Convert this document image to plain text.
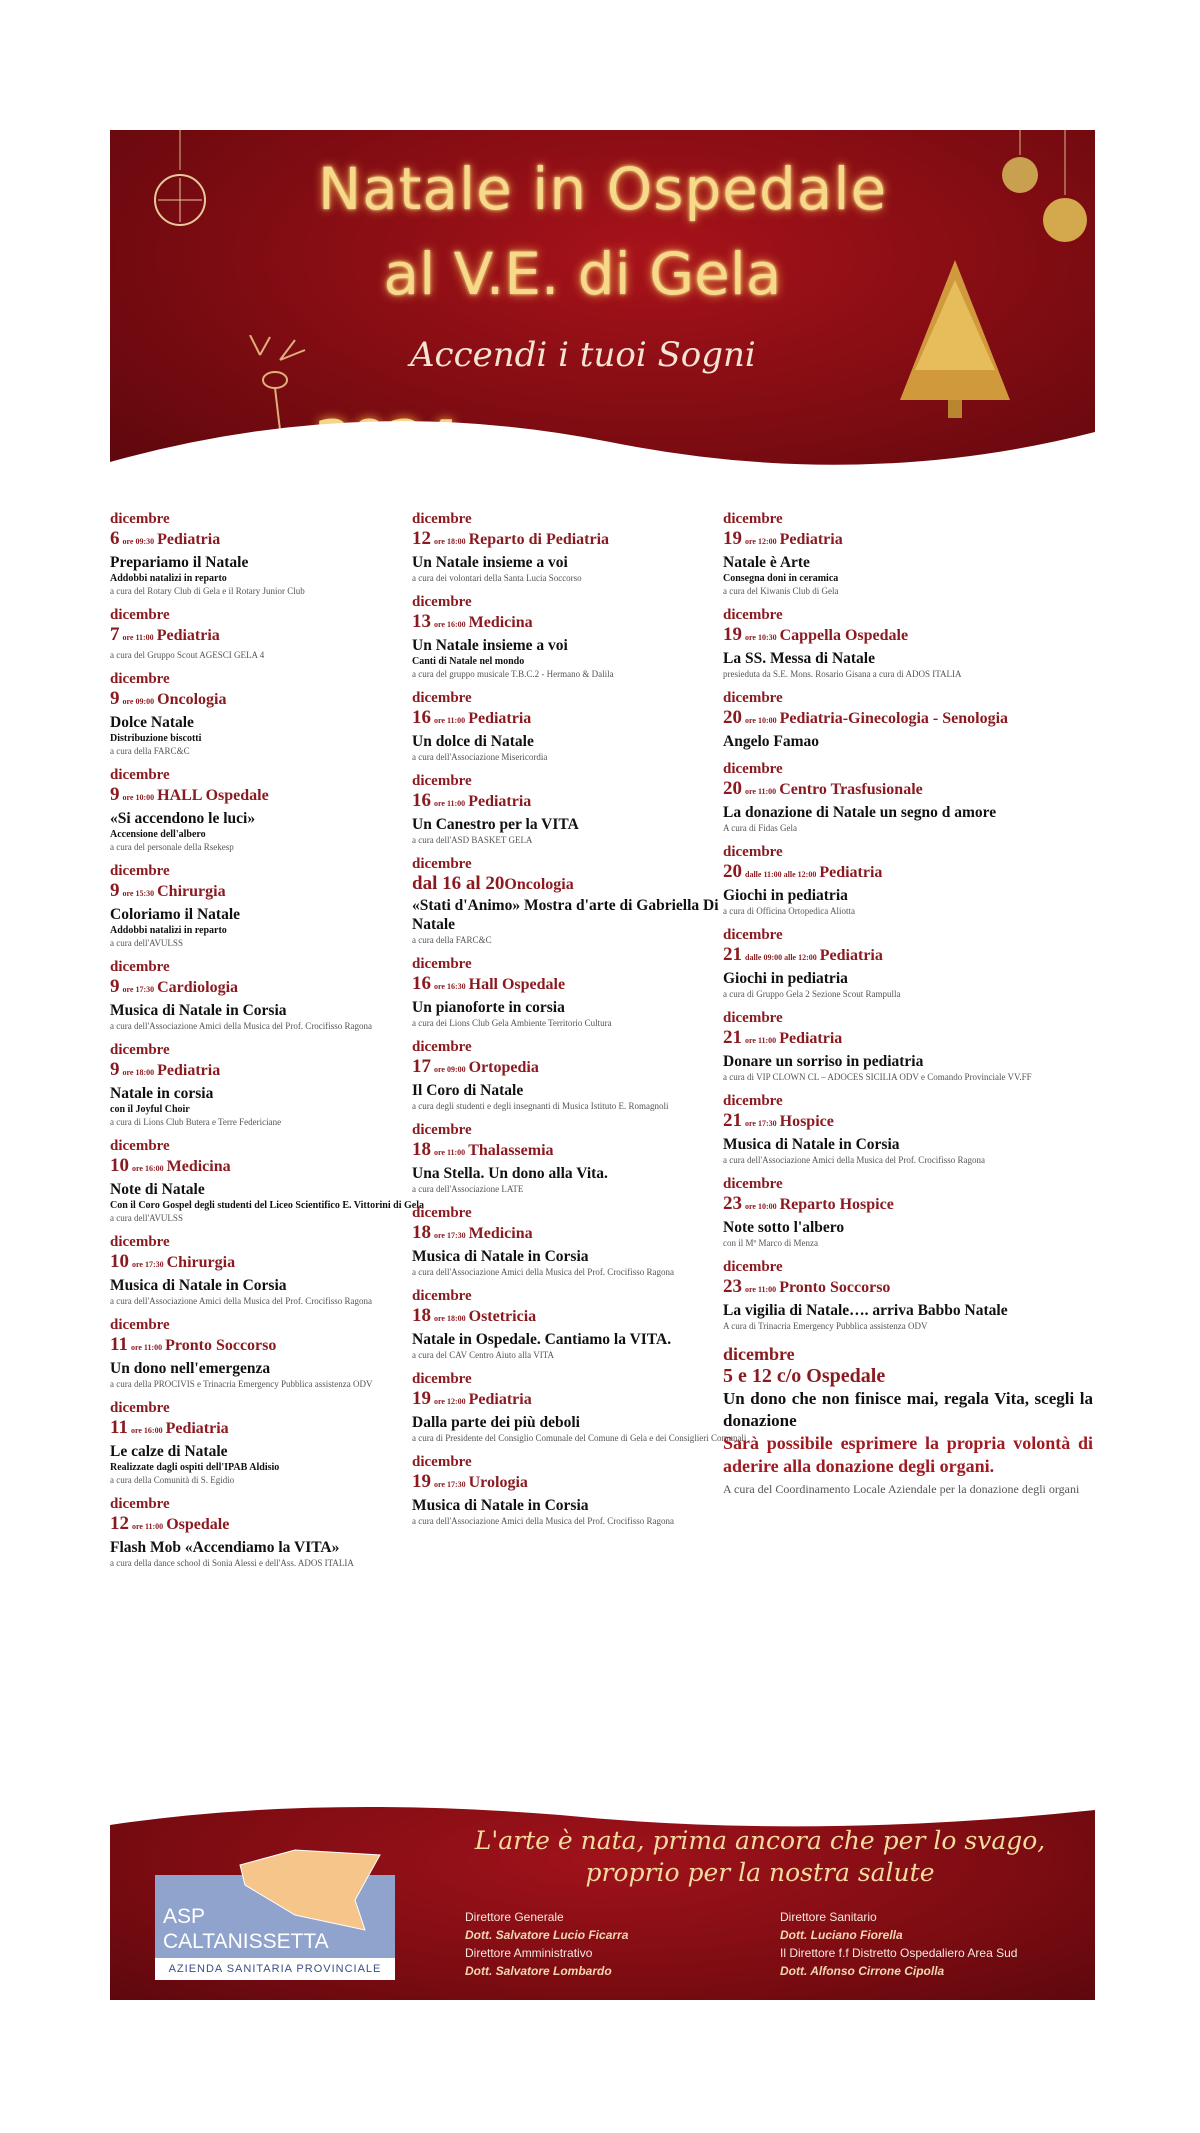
Natale in Ospedale
al V.E. di Gela
Accendi i tuoi Sogni
dicembre
6 ore 09:30 Pediatria
Prepariamo il Natale
Addobbi natalizi in reparto
a cura del Rotary Club di Gela e il Rotary Junior Club
dicembre
7 ore 11:00 Pediatria
a cura del Gruppo Scout AGESCI GELA 4
dicembre
9 ore 09:00 Oncologia
Dolce Natale
Distribuzione biscotti
a cura della FARC&C
dicembre
9 ore 10:00 HALL Ospedale
«Si accendono le luci»
Accensione dell'albero
a cura del personale della Rsekesp
dicembre
9 ore 15:30 Chirurgia
Coloriamo il Natale
Addobbi natalizi in reparto
a cura dell'AVULSS
dicembre
9 ore 17:30 Cardiologia
Musica di Natale in Corsia
a cura dell'Associazione Amici della Musica del Prof. Crocifisso Ragona
dicembre
9 ore 18:00 Pediatria
Natale in corsia
con il Joyful Choir
a cura di Lions Club Butera e Terre Federiciane
dicembre
10 ore 16:00 Medicina
Note di Natale
Con il Coro Gospel degli studenti del Liceo Scientifico E. Vittorini di Gela
a cura dell'AVULSS
dicembre
10 ore 17:30 Chirurgia
Musica di Natale in Corsia
a cura dell'Associazione Amici della Musica del Prof. Crocifisso Ragona
dicembre
11 ore 11:00 Pronto Soccorso
Un dono nell'emergenza
a cura della PROCIVIS e Trinacria Emergency Pubblica assistenza ODV
dicembre
11 ore 16:00 Pediatria
Le calze di Natale
Realizzate dagli ospiti dell'IPAB Aldisio
a cura della Comunità di S. Egidio
dicembre
12 ore 11:00 Ospedale
Flash Mob «Accendiamo la VITA»
a cura della dance school di Sonia Alessi e dell'Ass. ADOS ITALIA
dicembre
12 ore 18:00 Reparto di Pediatria
Un Natale insieme a voi
a cura dei volontari della Santa Lucia Soccorso
dicembre
13 ore 16:00 Medicina
Un Natale insieme a voi
Canti di Natale nel mondo
a cura del gruppo musicale T.B.C.2 - Hermano & Dalila
dicembre
16 ore 11:00 Pediatria
Un dolce di Natale
a cura dell'Associazione Misericordia
dicembre
16 ore 11:00 Pediatria
Un Canestro per la VITA
a cura dell'ASD BASKET GELA
dicembre
dal 16 al 20Oncologia
«Stati d'Animo» Mostra d'arte di Gabriella Di Natale
a cura della FARC&C
dicembre
16 ore 16:30 Hall Ospedale
Un pianoforte in corsia
a cura dei Lions Club Gela Ambiente Territorio Cultura
dicembre
17 ore 09:00 Ortopedia
Il Coro di Natale
a cura degli studenti e degli insegnanti di Musica Istituto E. Romagnoli
dicembre
18 ore 11:00 Thalassemia
Una Stella. Un dono alla Vita.
a cura dell'Associazione LATE
dicembre
18 ore 17:30 Medicina
Musica di Natale in Corsia
a cura dell'Associazione Amici della Musica del Prof. Crocifisso Ragona
dicembre
18 ore 18:00 Ostetricia
Natale in Ospedale. Cantiamo la VITA.
a cura del CAV Centro Aiuto alla VITA
dicembre
19 ore 12:00 Pediatria
Dalla parte dei più deboli
a cura di Presidente del Consiglio Comunale del Comune di Gela e dei Consiglieri Comunali
dicembre
19 ore 17:30 Urologia
Musica di Natale in Corsia
a cura dell'Associazione Amici della Musica del Prof. Crocifisso Ragona
dicembre
19 ore 12:00 Pediatria
Natale è Arte
Consegna doni in ceramica
a cura del Kiwanis Club di Gela
dicembre
19 ore 10:30 Cappella Ospedale
La SS. Messa di Natale
presieduta da S.E. Mons. Rosario Gisana a cura di ADOS ITALIA
dicembre
20 ore 10:00 Pediatria-Ginecologia - Senologia
Angelo Famao
dicembre
20 ore 11:00 Centro Trasfusionale
La donazione di Natale un segno d amore
A cura di Fidas Gela
dicembre
20 dalle 11:00 alle 12:00 Pediatria
Giochi in pediatria
a cura di Officina Ortopedica Aliotta
dicembre
21 dalle 09:00 alle 12:00 Pediatria
Giochi in pediatria
a cura di Gruppo Gela 2 Sezione Scout Rampulla
dicembre
21 ore 11:00 Pediatria
Donare un sorriso in pediatria
a cura di VIP CLOWN CL – ADOCES SICILIA ODV e Comando Provinciale VV.FF
dicembre
21 ore 17:30 Hospice
Musica di Natale in Corsia
a cura dell'Associazione Amici della Musica del Prof. Crocifisso Ragona
dicembre
23 ore 10:00 Reparto Hospice
Note sotto l'albero
con il Mº Marco di Menza
dicembre
23 ore 11:00 Pronto Soccorso
La vigilia di Natale…. arriva Babbo Natale
A cura di Trinacria Emergency Pubblica assistenza ODV
dicembre
5 e 12 c/o Ospedale
Un dono che non finisce mai, regala Vita, scegli la donazione
Sarà possibile esprimere la propria volontà di aderire alla donazione degli organi.
A cura del Coordinamento Locale Aziendale per la donazione degli organi
L'arte è nata, prima ancora che per lo svago,
proprio per la nostra salute
ASP
CALTANISSETTA
AZIENDA SANITARIA PROVINCIALE
Direttore Generale
Dott. Salvatore Lucio Ficarra
Direttore Amministrativo
Dott. Salvatore Lombardo
Direttore Sanitario
Dott. Luciano Fiorella
Il Direttore f.f Distretto Ospedaliero Area Sud
Dott. Alfonso Cirrone Cipolla
